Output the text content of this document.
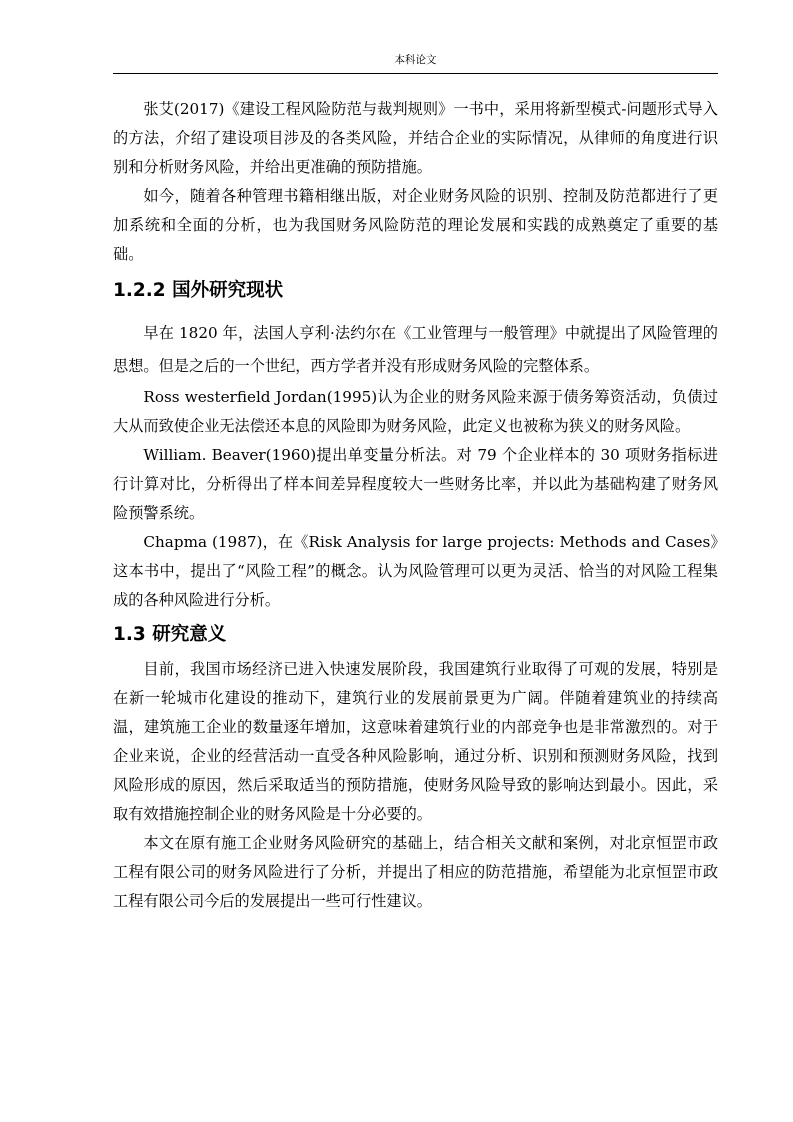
本科论文

张艾(2017)《建设工程风险防范与裁判规则》一书中，采用将新型模式-问题形式导入的方法，介绍了建设项目涉及的各类风险，并结合企业的实际情况，从律师的角度进行识别和分析财务风险，并给出更准确的预防措施。

如今，随着各种管理书籍相继出版，对企业财务风险的识别、控制及防范都进行了更加系统和全面的分析，也为我国财务风险防范的理论发展和实践的成熟奠定了重要的基础。

1.2.2 国外研究现状

早在 1820 年，法国人亨利·法约尔在《工业管理与一般管理》中就提出了风险管理的思想。但是之后的一个世纪，西方学者并没有形成财务风险的完整体系。

Ross westerfield Jordan(1995)认为企业的财务风险来源于债务筹资活动，负债过大从而致使企业无法偿还本息的风险即为财务风险，此定义也被称为狭义的财务风险。

William. Beaver(1960)提出单变量分析法。对 79 个企业样本的 30 项财务指标进行计算对比，分析得出了样本间差异程度较大一些财务比率，并以此为基础构建了财务风险预警系统。

Chapma (1987)，在《Risk Analysis for large projects: Methods and Cases》这本书中，提出了“风险工程”的概念。认为风险管理可以更为灵活、恰当的对风险工程集成的各种风险进行分析。

1.3 研究意义

目前，我国市场经济已进入快速发展阶段，我国建筑行业取得了可观的发展，特别是在新一轮城市化建设的推动下，建筑行业的发展前景更为广阔。伴随着建筑业的持续高温，建筑施工企业的数量逐年增加，这意味着建筑行业的内部竞争也是非常激烈的。对于企业来说，企业的经营活动一直受各种风险影响，通过分析、识别和预测财务风险，找到风险形成的原因，然后采取适当的预防措施，使财务风险导致的影响达到最小。因此，采取有效措施控制企业的财务风险是十分必要的。

本文在原有施工企业财务风险研究的基础上，结合相关文献和案例，对北京恒罡市政工程有限公司的财务风险进行了分析，并提出了相应的防范措施，希望能为北京恒罡市政工程有限公司今后的发展提出一些可行性建议。
